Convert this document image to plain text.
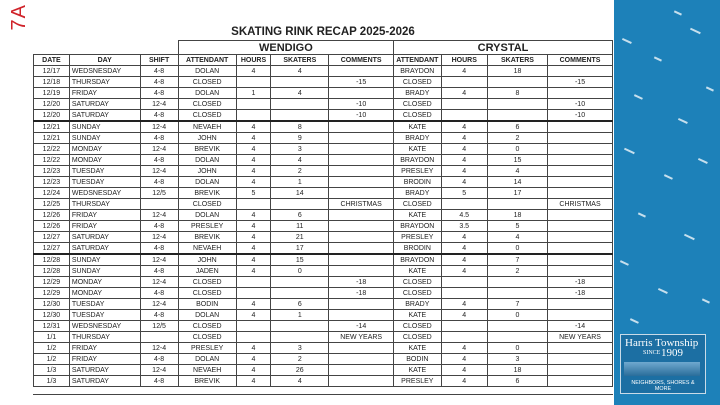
7A
SKATING RINK RECAP 2025-2026
			WENDIGO				CRYSTAL			
DATE	DAY	SHIFT	ATTENDANT	HOURS	SKATERS	COMMENTS	ATTENDANT	HOURS	SKATERS	COMMENTS
12/17	WEDSNESDAY	4-8	DOLAN	4	4		BRAYDON	4	18	
12/18	THURSDAY	4-8	CLOSED			-15	CLOSED			-15
12/19	FRIDAY	4-8	DOLAN	1	4		BRADY	4	8	
12/20	SATURDAY	12-4	CLOSED			-10	CLOSED			-10
12/20	SATURDAY	4-8	CLOSED			-10	CLOSED			-10
12/21	SUNDAY	12-4	NEVAEH	4	8		KATE	4	6	
12/21	SUNDAY	4-8	JOHN	4	9		BRADY	4	2	
12/22	MONDAY	12-4	BREVIK	4	3		KATE	4	0	
12/22	MONDAY	4-8	DOLAN	4	4		BRAYDON	4	15	
12/23	TUESDAY	12-4	JOHN	4	2		PRESLEY	4	4	
12/23	TUESDAY	4-8	DOLAN	4	1		BRODIN	4	14	
12/24	WEDSNESDAY	12/5	BREVIK	5	14		BRADY	5	17	
12/25	THURSDAY		CLOSED			CHRISTMAS	CLOSED			CHRISTMAS
12/26	FRIDAY	12-4	DOLAN	4	6		KATE	4.5	18	
12/26	FRIDAY	4-8	PRESLEY	4	11		BRAYDON	3.5	5	
12/27	SATURDAY	12-4	BREVIK	4	21		PRESLEY	4	4	
12/27	SATURDAY	4-8	NEVAEH	4	17		BRODIN	4	0	
12/28	SUNDAY	12-4	JOHN	4	15		BRAYDON	4	7	
12/28	SUNDAY	4-8	JADEN	4	0		KATE	4	2	
12/29	MONDAY	12-4	CLOSED			-18	CLOSED			-18
12/29	MONDAY	4-8	CLOSED			-18	CLOSED			-18
12/30	TUESDAY	12-4	BODIN	4	6		BRADY	4	7	
12/30	TUESDAY	4-8	DOLAN	4	1		KATE	4	0	
12/31	WEDSNESDAY	12/5	CLOSED			-14	CLOSED			-14
1/1	THURSDAY		CLOSED			NEW YEARS	CLOSED			NEW YEARS
1/2	FRIDAY	12-4	PRESLEY	4	3		KATE	4	0	
1/2	FRIDAY	4-8	DOLAN	4	2		BODIN	4	3	
1/3	SATURDAY	12-4	NEVAEH	4	26		KATE	4	18	
1/3	SATURDAY	4-8	BREVIK	4	4		PRESLEY	4	6	
Harris Township
SINCE 1909
NEIGHBORS, SHORES & MORE
